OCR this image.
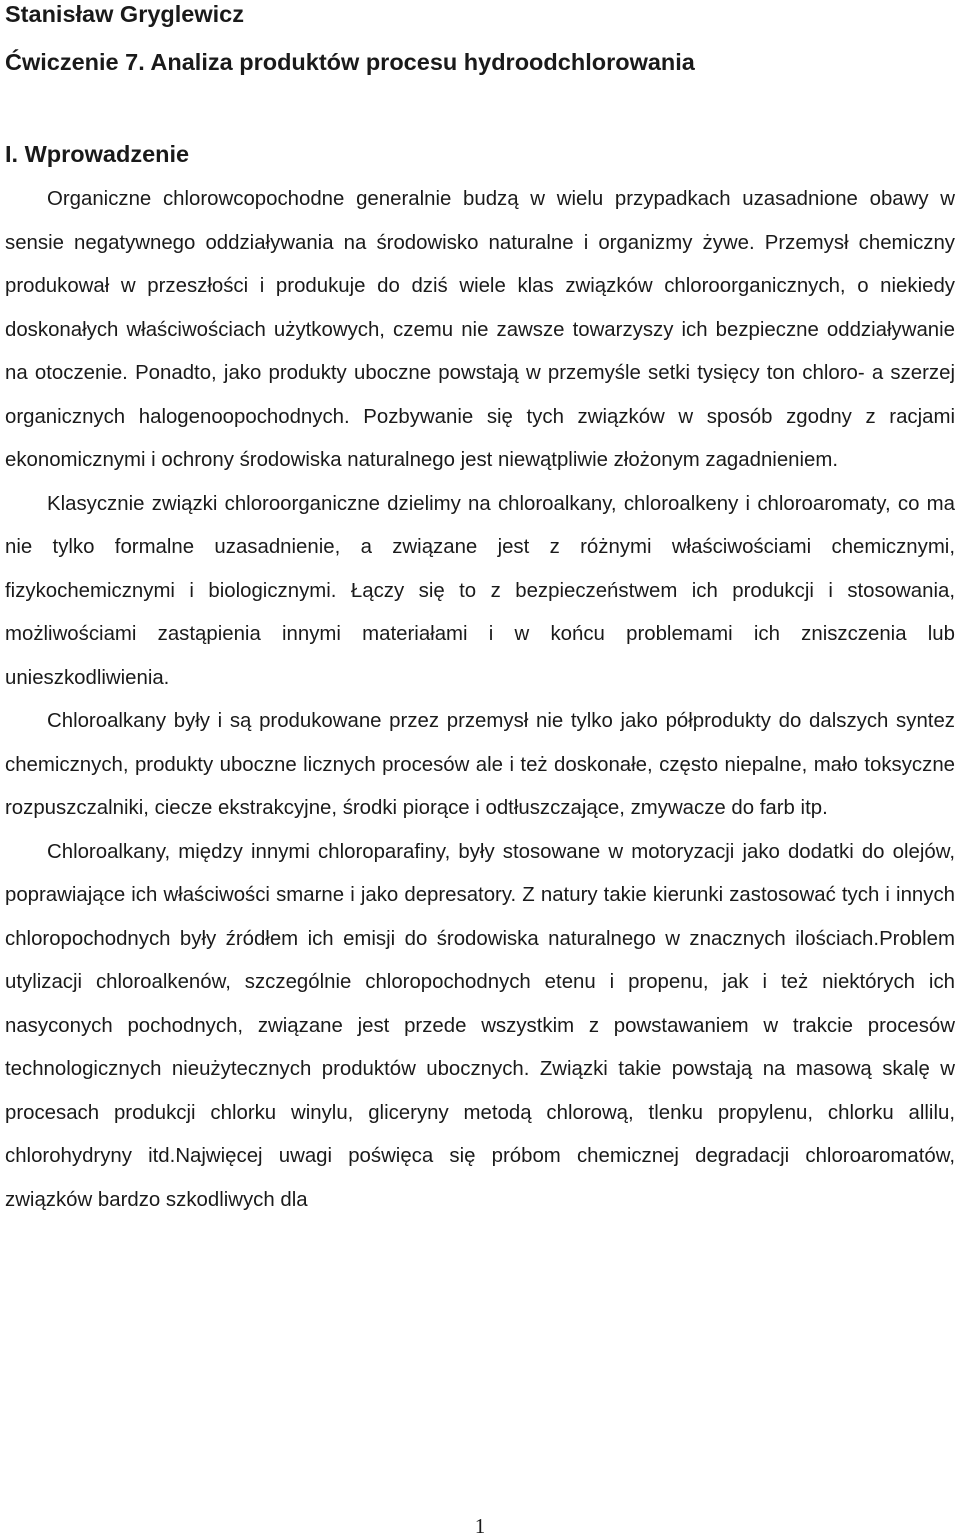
Stanisław Gryglewicz
Ćwiczenie 7. Analiza produktów procesu hydroodchlorowania
I. Wprowadzenie

Organiczne chlorowcopochodne generalnie budzą w wielu przypadkach uzasadnione obawy w sensie negatywnego oddziaływania na środowisko naturalne i organizmy żywe. Przemysł chemiczny produkował w przeszłości i produkuje do dziś wiele klas związków chloroorganicznych, o niekiedy doskonałych właściwościach użytkowych, czemu nie zawsze towarzyszy ich bezpieczne oddziaływanie na otoczenie. Ponadto, jako produkty uboczne powstają w przemyśle setki tysięcy ton chloro- a szerzej organicznych halogenoopochodnych. Pozbywanie się tych związków w sposób zgodny z racjami ekonomicznymi i ochrony środowiska naturalnego jest niewątpliwie złożonym zagadnieniem.

Klasycznie związki chloroorganiczne dzielimy na chloroalkany, chloroalkeny i chloroaromaty, co ma nie tylko formalne uzasadnienie, a związane jest z różnymi właściwościami chemicznymi, fizykochemicznymi i biologicznymi. Łączy się to z bezpieczeństwem ich produkcji i stosowania, możliwościami zastąpienia innymi materiałami i w końcu problemami ich zniszczenia lub unieszkodliwienia.

Chloroalkany były i są produkowane przez przemysł nie tylko jako półprodukty do dalszych syntez chemicznych, produkty uboczne licznych procesów ale i też doskonałe, często niepalne, mało toksyczne rozpuszczalniki, ciecze ekstrakcyjne, środki piorące i odtłuszczające, zmywacze do farb itp.

Chloroalkany, między innymi chloroparafiny, były stosowane w motoryzacji jako dodatki do olejów, poprawiające ich właściwości smarne i jako depresatory. Z natury takie kierunki zastosować tych i innych chloropochodnych były źródłem ich emisji do środowiska naturalnego w znacznych ilościach.Problem utylizacji chloroalkenów, szczególnie chloropochodnych etenu i propenu, jak i też niektórych ich nasyconych pochodnych, związane jest przede wszystkim z powstawaniem w trakcie procesów technologicznych nieużytecznych produktów ubocznych. Związki takie powstają na masową skalę w procesach produkcji chlorku winylu, gliceryny metodą chlorową, tlenku propylenu, chlorku allilu, chlorohydryny itd.Najwięcej uwagi poświęca się próbom chemicznej degradacji chloroaromatów, związków bardzo szkodliwych dla

1
